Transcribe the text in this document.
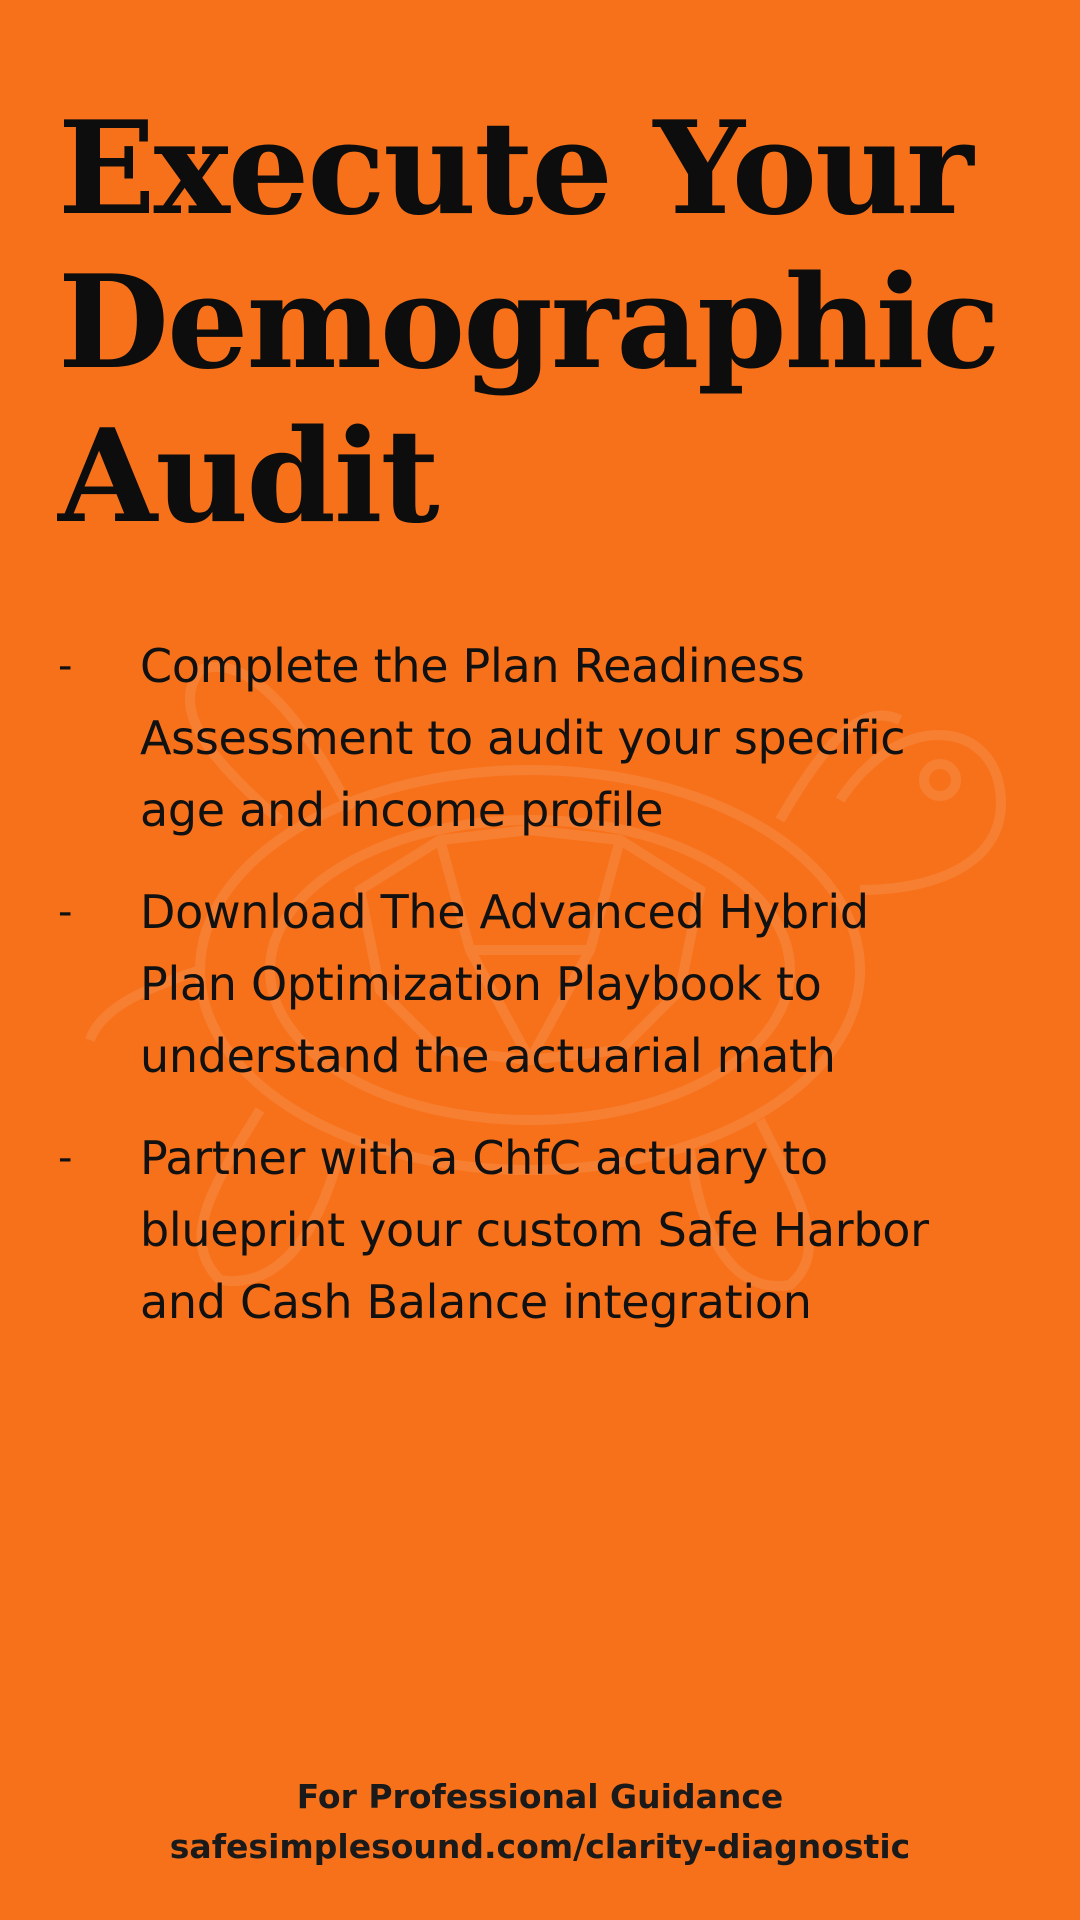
Execute Your
Demographic
Audit
-	Complete the Plan Readiness
Assessment to audit your specific
age and income profile
-	Download The Advanced Hybrid
Plan Optimization Playbook to
understand the actuarial math
-	Partner with a ChfC actuary to
blueprint your custom Safe Harbor
and Cash Balance integration
For Professional Guidance
safesimplesound.com/clarity-diagnostic
